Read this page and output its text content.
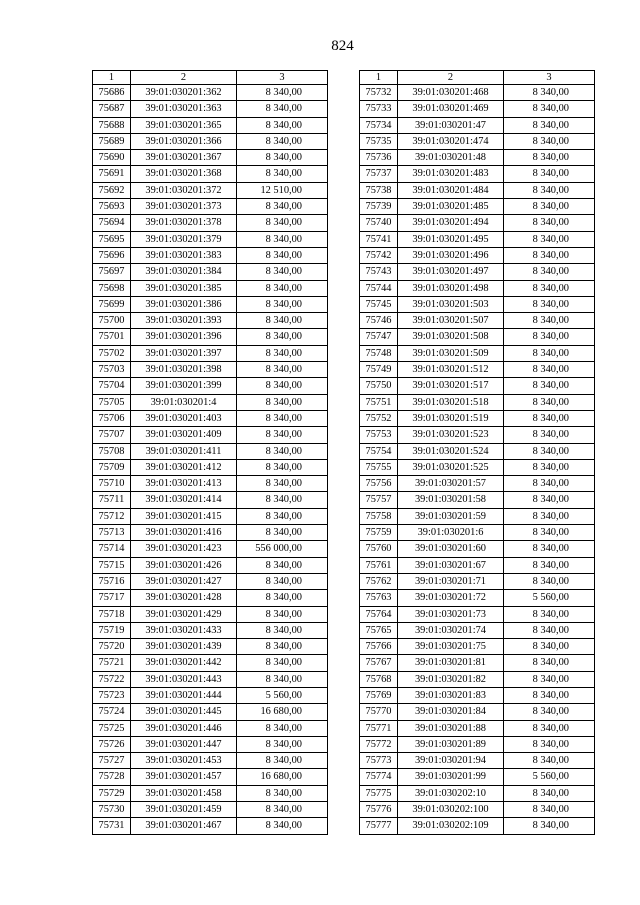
824
1	2	3
75686	39:01:030201:362	8 340,00
75687	39:01:030201:363	8 340,00
75688	39:01:030201:365	8 340,00
75689	39:01:030201:366	8 340,00
75690	39:01:030201:367	8 340,00
75691	39:01:030201:368	8 340,00
75692	39:01:030201:372	12 510,00
75693	39:01:030201:373	8 340,00
75694	39:01:030201:378	8 340,00
75695	39:01:030201:379	8 340,00
75696	39:01:030201:383	8 340,00
75697	39:01:030201:384	8 340,00
75698	39:01:030201:385	8 340,00
75699	39:01:030201:386	8 340,00
75700	39:01:030201:393	8 340,00
75701	39:01:030201:396	8 340,00
75702	39:01:030201:397	8 340,00
75703	39:01:030201:398	8 340,00
75704	39:01:030201:399	8 340,00
75705	39:01:030201:4	8 340,00
75706	39:01:030201:403	8 340,00
75707	39:01:030201:409	8 340,00
75708	39:01:030201:411	8 340,00
75709	39:01:030201:412	8 340,00
75710	39:01:030201:413	8 340,00
75711	39:01:030201:414	8 340,00
75712	39:01:030201:415	8 340,00
75713	39:01:030201:416	8 340,00
75714	39:01:030201:423	556 000,00
75715	39:01:030201:426	8 340,00
75716	39:01:030201:427	8 340,00
75717	39:01:030201:428	8 340,00
75718	39:01:030201:429	8 340,00
75719	39:01:030201:433	8 340,00
75720	39:01:030201:439	8 340,00
75721	39:01:030201:442	8 340,00
75722	39:01:030201:443	8 340,00
75723	39:01:030201:444	5 560,00
75724	39:01:030201:445	16 680,00
75725	39:01:030201:446	8 340,00
75726	39:01:030201:447	8 340,00
75727	39:01:030201:453	8 340,00
75728	39:01:030201:457	16 680,00
75729	39:01:030201:458	8 340,00
75730	39:01:030201:459	8 340,00
75731	39:01:030201:467	8 340,00
1	2	3
75732	39:01:030201:468	8 340,00
75733	39:01:030201:469	8 340,00
75734	39:01:030201:47	8 340,00
75735	39:01:030201:474	8 340,00
75736	39:01:030201:48	8 340,00
75737	39:01:030201:483	8 340,00
75738	39:01:030201:484	8 340,00
75739	39:01:030201:485	8 340,00
75740	39:01:030201:494	8 340,00
75741	39:01:030201:495	8 340,00
75742	39:01:030201:496	8 340,00
75743	39:01:030201:497	8 340,00
75744	39:01:030201:498	8 340,00
75745	39:01:030201:503	8 340,00
75746	39:01:030201:507	8 340,00
75747	39:01:030201:508	8 340,00
75748	39:01:030201:509	8 340,00
75749	39:01:030201:512	8 340,00
75750	39:01:030201:517	8 340,00
75751	39:01:030201:518	8 340,00
75752	39:01:030201:519	8 340,00
75753	39:01:030201:523	8 340,00
75754	39:01:030201:524	8 340,00
75755	39:01:030201:525	8 340,00
75756	39:01:030201:57	8 340,00
75757	39:01:030201:58	8 340,00
75758	39:01:030201:59	8 340,00
75759	39:01:030201:6	8 340,00
75760	39:01:030201:60	8 340,00
75761	39:01:030201:67	8 340,00
75762	39:01:030201:71	8 340,00
75763	39:01:030201:72	5 560,00
75764	39:01:030201:73	8 340,00
75765	39:01:030201:74	8 340,00
75766	39:01:030201:75	8 340,00
75767	39:01:030201:81	8 340,00
75768	39:01:030201:82	8 340,00
75769	39:01:030201:83	8 340,00
75770	39:01:030201:84	8 340,00
75771	39:01:030201:88	8 340,00
75772	39:01:030201:89	8 340,00
75773	39:01:030201:94	8 340,00
75774	39:01:030201:99	5 560,00
75775	39:01:030202:10	8 340,00
75776	39:01:030202:100	8 340,00
75777	39:01:030202:109	8 340,00
